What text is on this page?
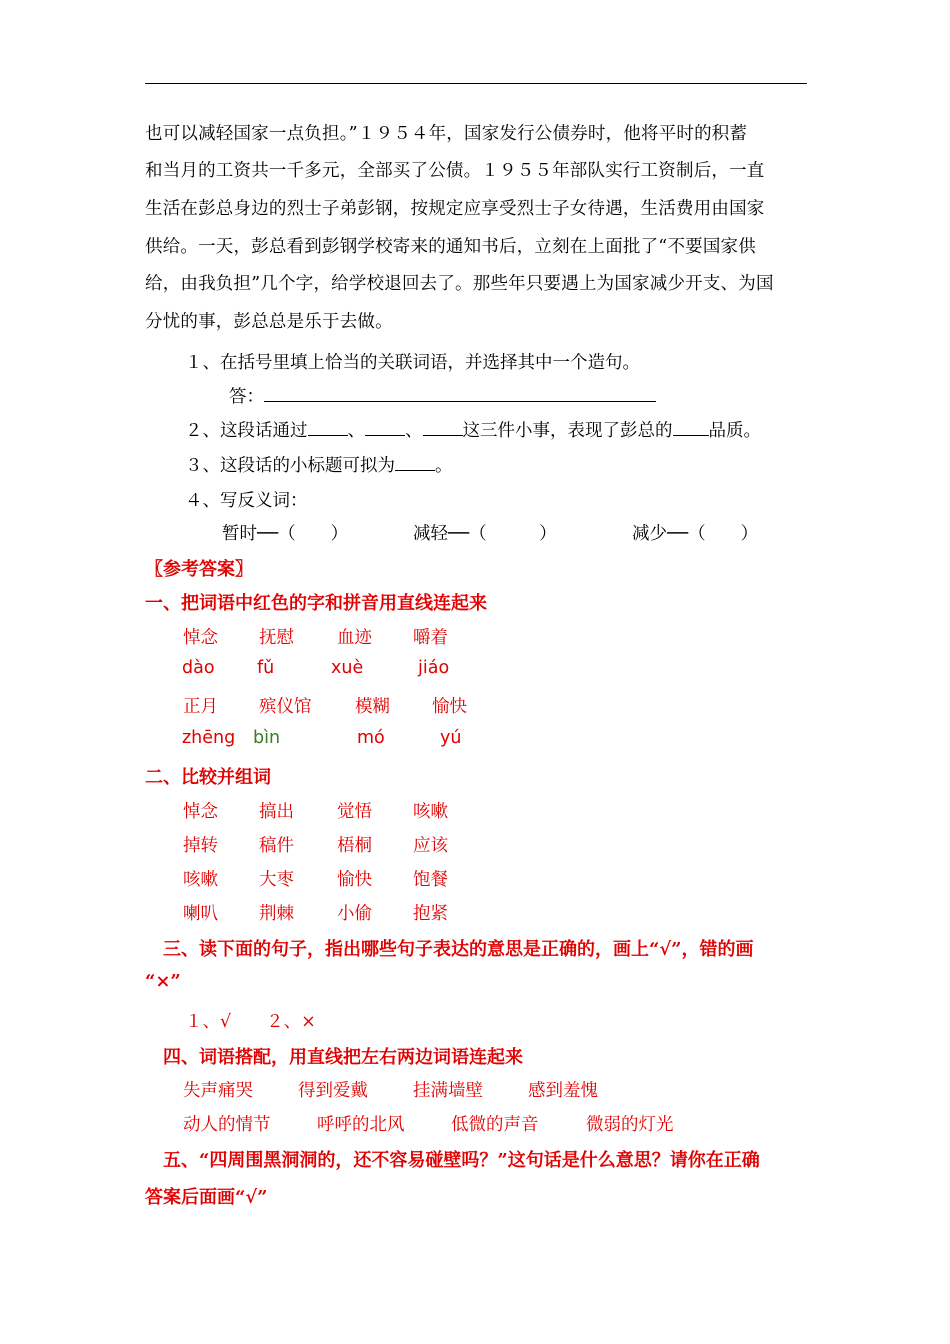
也可以减轻国家一点负担。”１９５４年，国家发行公债券时，他将平时的积蓄
和当月的工资共一千多元，全部买了公债。１９５５年部队实行工资制后，一直
生活在彭总身边的烈士子弟彭钢，按规定应享受烈士子女待遇，生活费用由国家
供给。一天，彭总看到彭钢学校寄来的通知书后，立刻在上面批了“不要国家供
给，由我负担”几个字，给学校退回去了。那些年只要遇上为国家减少开支、为国
分忧的事，彭总总是乐于去做。
１、在括号里填上恰当的关联词语，并选择其中一个造句。
答：
２、这段话通过 、 、 这三件小事，表现了彭总的 品质。
３、这段话的小标题可拟为 。
４、写反义词：
暂时──（　　）	减轻──（　　　）	减少──（　　）
〖参考答案〗
一、把词语中红色的字和拼音用直线连起来
悼念 抚慰 血迹 嚼着
dào fǔ	xuè	jiáo
正月 殡仪馆 模糊 愉快
zhēng bìn	mó	yú
二、比较并组词
悼念 搞出 觉悟 咳嗽
掉转 稿件 梧桐 应该
咳嗽 大枣 愉快 饱餐
喇叭 荆棘 小偷 抱紧
三、读下面的句子，指出哪些句子表达的意思是正确的，画上“√”，错的画
“×”
１、√　　２、×
四、词语搭配，用直线把左右两边词语连起来
失声痛哭	得到爱戴	挂满墙壁	感到羞愧
动人的情节	呼呼的北风	低微的声音	微弱的灯光
五、“四周围黑洞洞的，还不容易碰壁吗？”这句话是什么意思？请你在正确
答案后面画“√”
